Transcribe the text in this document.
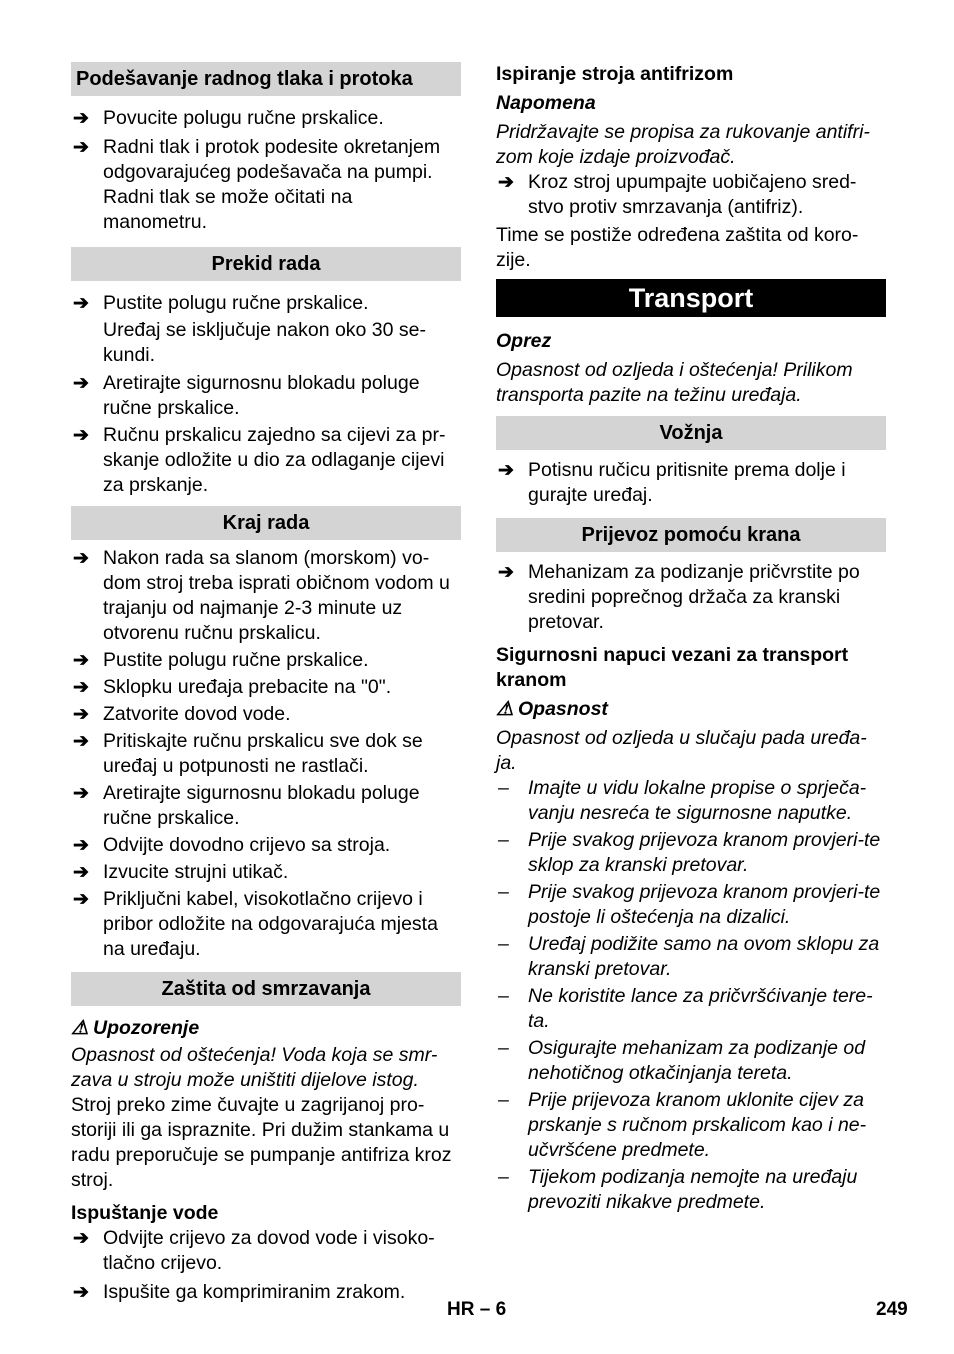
Podešavanje radnog tlaka i protoka
➔ Povucite polugu ručne prskalice.
➔ Radni tlak i protok podesite okretanjem odgovarajućeg podešavača na pumpi.
Radni tlak se može očitati na manometru.
Prekid rada
➔ Pustite polugu ručne prskalice.
Uređaj se isključuje nakon oko 30 se-kundi.
➔ Aretirajte sigurnosnu blokadu poluge ručne prskalice.
➔ Ručnu prskalicu zajedno sa cijevi za pr-skanje odložite u dio za odlaganje cijevi za prskanje.
Kraj rada
➔ Nakon rada sa slanom (morskom) vo-dom stroj treba isprati običnom vodom u trajanju od najmanje 2-3 minute uz otvorenu ručnu prskalicu.
➔ Pustite polugu ručne prskalice.
➔ Sklopku uređaja prebacite na "0".
➔ Zatvorite dovod vode.
➔ Pritiskajte ručnu prskalicu sve dok se uređaj u potpunosti ne rastlači.
➔ Aretirajte sigurnosnu blokadu poluge ručne prskalice.
➔ Odvijte dovodno crijevo sa stroja.
➔ Izvucite strujni utikač.
➔ Priključni kabel, visokotlačno crijevo i pribor odložite na odgovarajuća mjesta na uređaju.
Zaštita od smrzavanja
⚠ Upozorenje
Opasnost od oštećenja! Voda koja se smr-zava u stroju može uništiti dijelove istog.
Stroj preko zime čuvajte u zagrijanoj pro-storiji ili ga ispraznite. Pri dužim stankama u radu preporučuje se pumpanje antifriza kroz stroj.
Ispuštanje vode
➔ Odvijte crijevo za dovod vode i visoko-tlačno crijevo.
➔ Ispušite ga komprimiranim zrakom.
Ispiranje stroja antifrizom
Napomena
Pridržavajte se propisa za rukovanje antifri-zom koje izdaje proizvođač.
➔ Kroz stroj upumpajte uobičajeno sred-stvo protiv smrzavanja (antifriz).
Time se postiže određena zaštita od koro-zije.
Transport
Oprez
Opasnost od ozljeda i oštećenja! Prilikom transporta pazite na težinu uređaja.
Vožnja
➔ Potisnu ručicu pritisnite prema dolje i gurajte uređaj.
Prijevoz pomoću krana
➔ Mehanizam za podizanje pričvrstite po sredini poprečnog držača za kranski pretovar.
Sigurnosni napuci vezani za transport kranom
⚠ Opasnost
Opasnost od ozljeda u slučaju pada uređa-ja.
– Imajte u vidu lokalne propise o sprječa-vanju nesreća te sigurnosne naputke.
– Prije svakog prijevoza kranom provjeri-te sklop za kranski pretovar.
– Prije svakog prijevoza kranom provjeri-te postoje li oštećenja na dizalici.
– Uređaj podižite samo na ovom sklopu za kranski pretovar.
– Ne koristite lance za pričvršćivanje tere-ta.
– Osigurajte mehanizam za podizanje od nehotičnog otkačinjanja tereta.
– Prije prijevoza kranom uklonite cijev za prskanje s ručnom prskalicom kao i ne-učvršćene predmete.
– Tijekom podizanja nemojte na uređaju prevoziti nikakve predmete.
HR – 6	249
